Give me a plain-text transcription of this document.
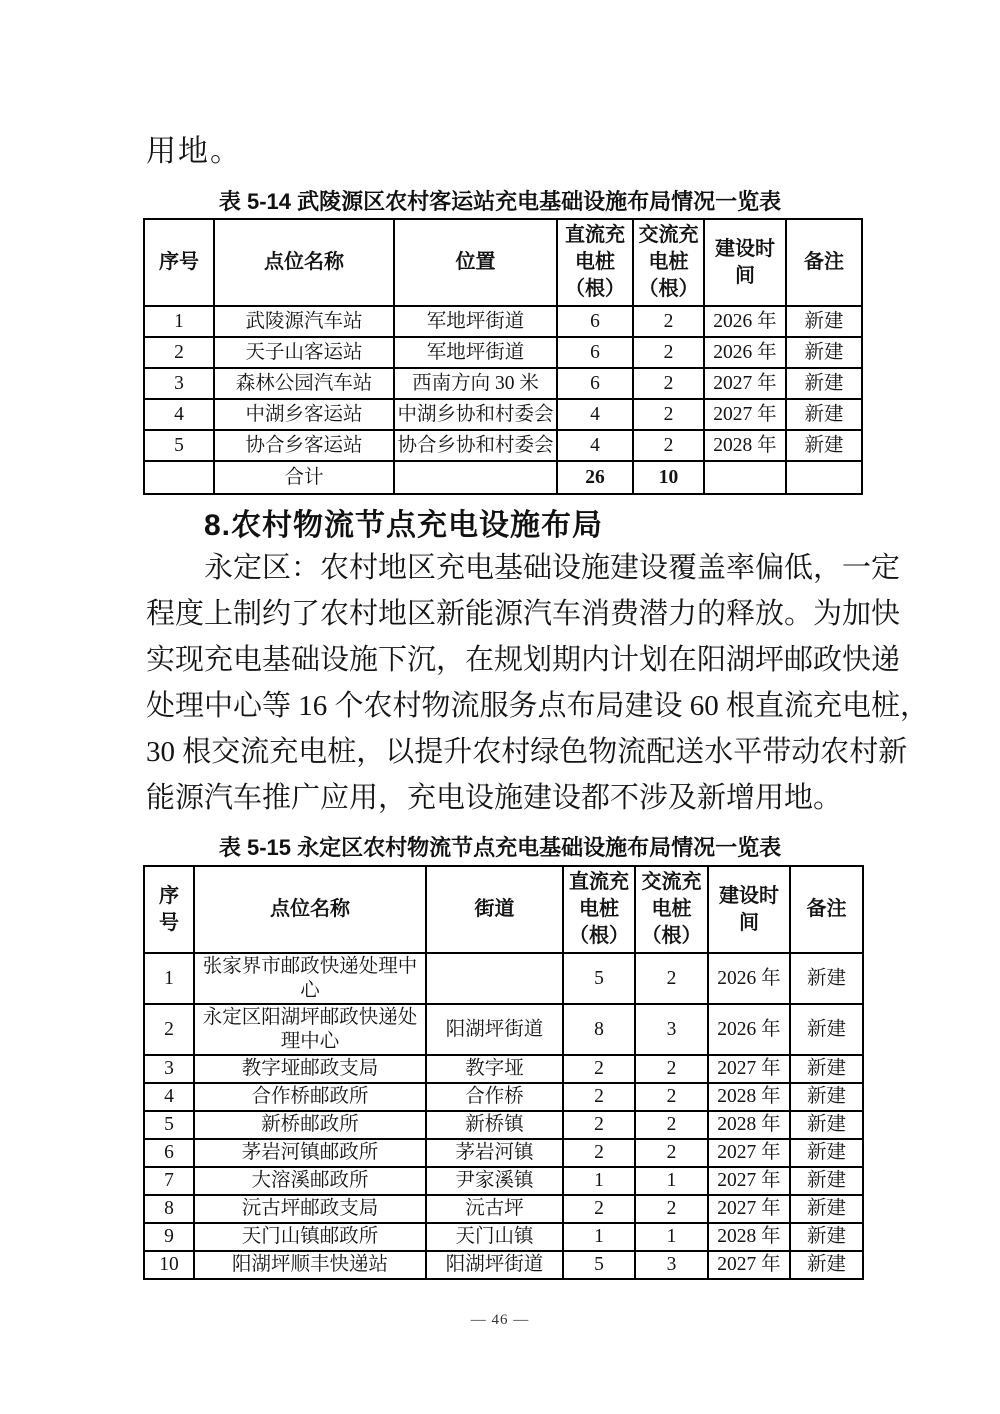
用地。
表 5-14 武陵源区农村客运站充电基础设施布局情况一览表
序号	点位名称	位置	直流充电桩（根）	交流充电桩（根）	建设时间	备注
1	武陵源汽车站	军地坪街道	6	2	2026 年	新建
2	天子山客运站	军地坪街道	6	2	2026 年	新建
3	森林公园汽车站	西南方向 30 米	6	2	2027 年	新建
4	中湖乡客运站	中湖乡协和村委会	4	2	2027 年	新建
5	协合乡客运站	协合乡协和村委会	4	2	2028 年	新建
	合计		26	10		
8.农村物流节点充电设施布局
永定区：农村地区充电基础设施建设覆盖率偏低，一定
程度上制约了农村地区新能源汽车消费潜力的释放。为加快
实现充电基础设施下沉，在规划期内计划在阳湖坪邮政快递
处理中心等 16 个农村物流服务点布局建设 60 根直流充电桩，
30 根交流充电桩，以提升农村绿色物流配送水平带动农村新
能源汽车推广应用，充电设施建设都不涉及新增用地。
表 5-15 永定区农村物流节点充电基础设施布局情况一览表
序号	点位名称	街道	直流充电桩（根）	交流充电桩（根）	建设时间	备注
1	张家界市邮政快递处理中心		5	2	2026 年	新建
2	永定区阳湖坪邮政快递处理中心	阳湖坪街道	8	3	2026 年	新建
3	教字垭邮政支局	教字垭	2	2	2027 年	新建
4	合作桥邮政所	合作桥	2	2	2028 年	新建
5	新桥邮政所	新桥镇	2	2	2028 年	新建
6	茅岩河镇邮政所	茅岩河镇	2	2	2027 年	新建
7	大溶溪邮政所	尹家溪镇	1	1	2027 年	新建
8	沅古坪邮政支局	沅古坪	2	2	2027 年	新建
9	天门山镇邮政所	天门山镇	1	1	2028 年	新建
10	阳湖坪顺丰快递站	阳湖坪街道	5	3	2027 年	新建
— 46 —
